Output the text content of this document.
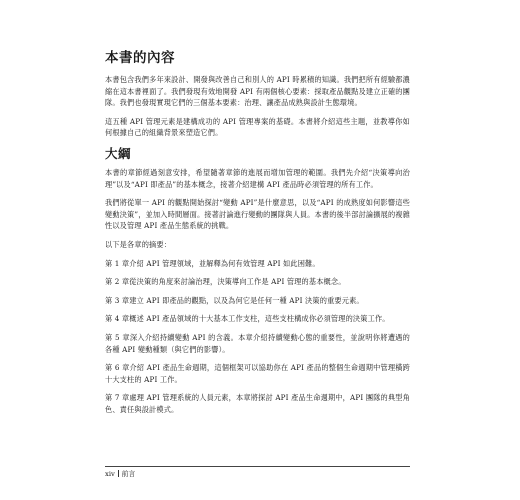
本書的內容

本書包含我們多年來設計、開發與改善自己和別人的 API 時累積的知識。我們把所有經驗都濃縮在這本書裡面了。我們發現有效地開發 API 有兩個核心要素：採取產品觀點及建立正確的團隊。我們也發現實現它們的三個基本要素：治理、讓產品成熟與設計生態環境。

這五種 API 管理元素是建構成功的 API 管理專案的基礎。本書將介紹這些主題，並教導你如何根據自己的組織背景來塑造它們。

大綱

本書的章節經過刻意安排，希望隨著章節的進展而增加管理的範圍。我們先介紹“決策導向治理”以及“API 即產品”的基本概念，接著介紹建構 API 產品時必須管理的所有工作。

我們將從單一 API 的觀點開始探討“變動 API”是什麼意思，以及“API 的成熟度如何影響這些變動決策”，並加入時間層面。接著討論進行變動的團隊與人員。本書的後半部討論擴展的複雜性以及管理 API 產品生態系統的挑戰。

以下是各章的摘要：

第 1 章介紹 API 管理領域，並解釋為何有效管理 API 如此困難。

第 2 章從決策的角度來討論治理，決策導向工作是 API 管理的基本概念。

第 3 章建立 API 即產品的觀點，以及為何它是任何一種 API 決策的重要元素。

第 4 章概述 API 產品領域的十大基本工作支柱，這些支柱構成你必須管理的決策工作。

第 5 章深入介紹持續變動 API 的含義。本章介紹持續變動心態的重要性，並說明你將遭遇的各種 API 變動種類（與它們的影響）。

第 6 章介紹 API 產品生命週期，這個框架可以協助你在 API 產品的整個生命週期中管理橫跨十大支柱的 API 工作。

第 7 章處理 API 管理系統的人員元素，本章將探討 API 產品生命週期中，API 團隊的典型角色、責任與設計模式。

xiv 前言
